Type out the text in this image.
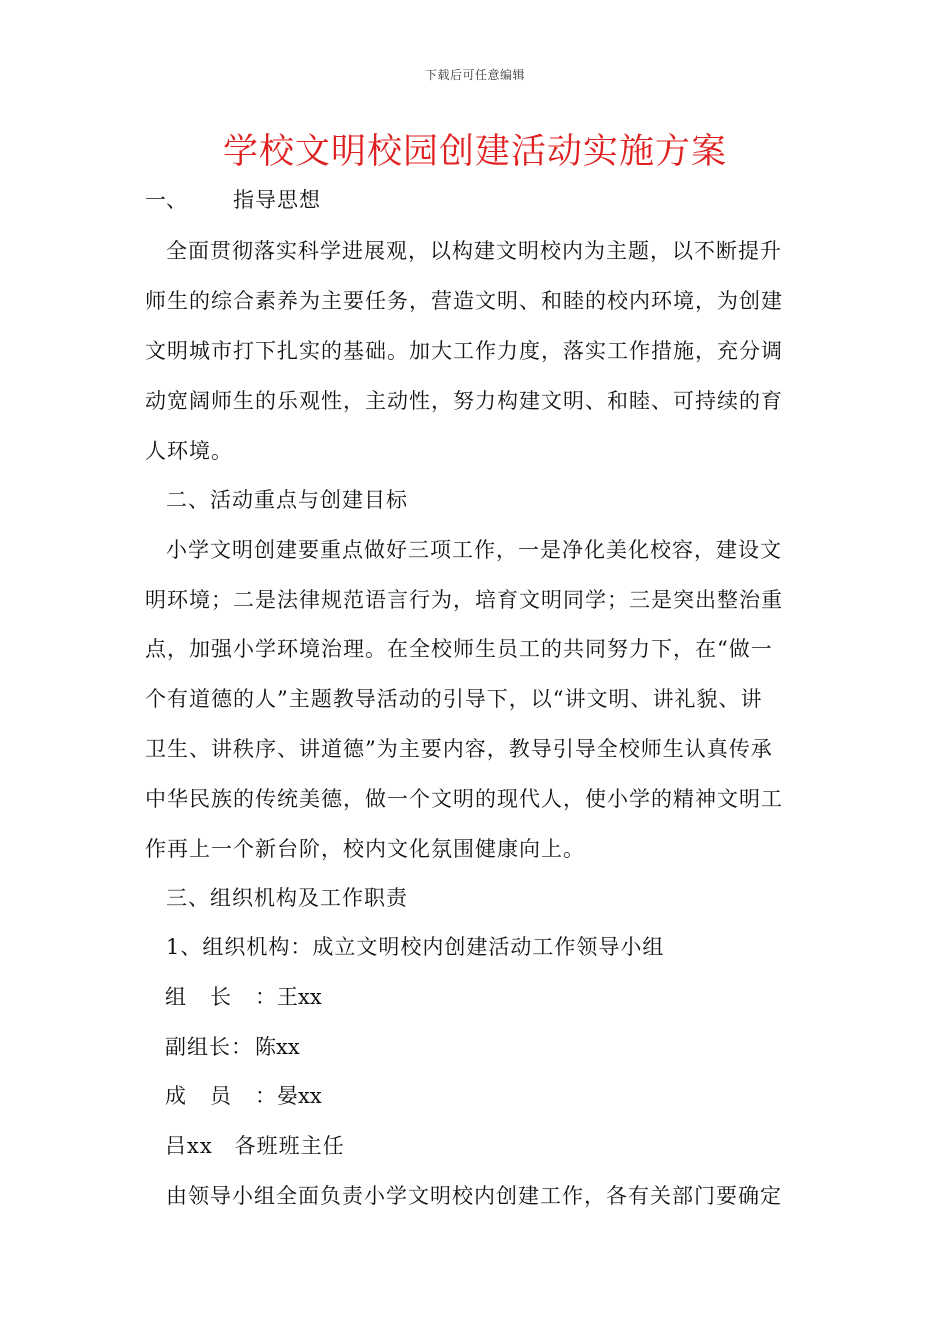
下载后可任意编辑
学校文明校园创建活动实施方案
一、 指导思想
全面贯彻落实科学进展观，以构建文明校内为主题，以不断提升
师生的综合素养为主要任务，营造文明、和睦的校内环境，为创建
文明城市打下扎实的基础。加大工作力度，落实工作措施，充分调
动宽阔师生的乐观性，主动性，努力构建文明、和睦、可持续的育
人环境。
二、活动重点与创建目标
小学文明创建要重点做好三项工作，一是净化美化校容，建设文
明环境；二是法律规范语言行为，培育文明同学；三是突出整治重
点，加强小学环境治理。在全校师生员工的共同努力下，在“做一
个有道德的人”主题教导活动的引导下，以“讲文明、讲礼貌、讲
卫生、讲秩序、讲道德”为主要内容，教导引导全校师生认真传承
中华民族的传统美德，做一个文明的现代人，使小学的精神文明工
作再上一个新台阶，校内文化氛围健康向上。
三、组织机构及工作职责
1、组织机构：成立文明校内创建活动工作领导小组
组长： 王xx
副组长： 陈xx
成员： 晏xx
吕xx　各班班主任
由领导小组全面负责小学文明校内创建工作，各有关部门要确定
